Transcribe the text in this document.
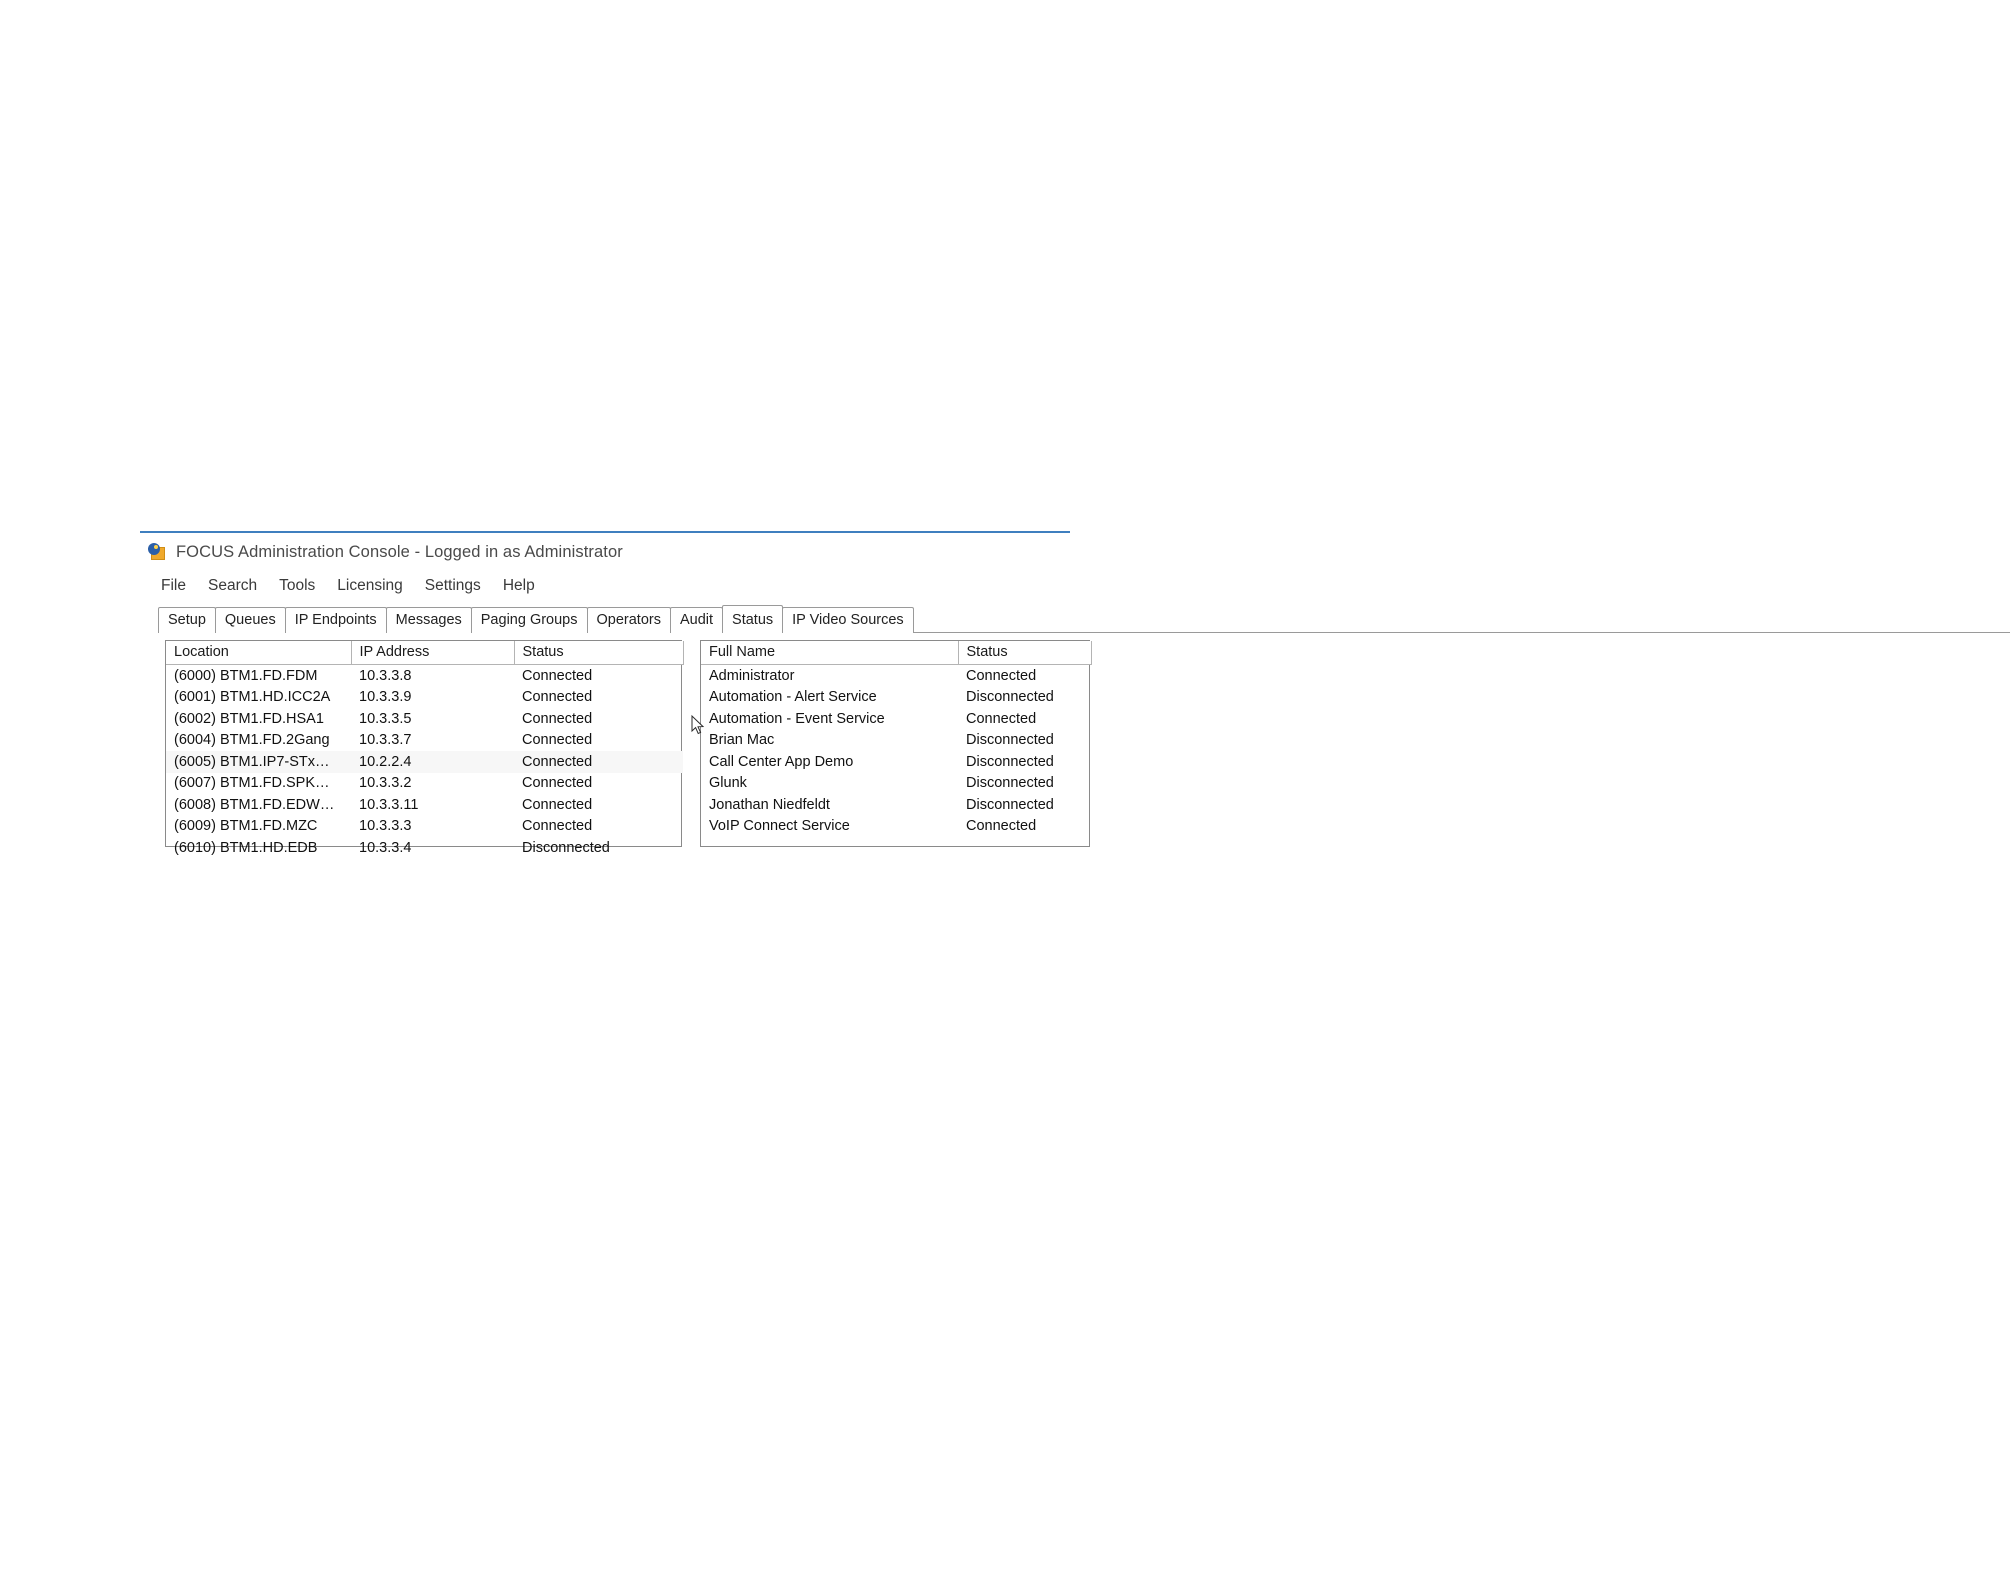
FOCUS Administration Console - Logged in as Administrator
File	Search	Tools	Licensing	Settings	Help
Setup	Queues	IP Endpoints	Messages	Paging Groups	Operators	Audit	Status	IP Video Sources
Location	IP Address	Status
(6000) BTM1.FD.FDM	10.3.3.8	Connected
(6001) BTM1.HD.ICC2A	10.3.3.9	Connected
(6002) BTM1.FD.HSA1	10.3.3.5	Connected
(6004) BTM1.FD.2Gang	10.3.3.7	Connected
(6005) BTM1.IP7-STx…	10.2.2.4	Connected
(6007) BTM1.FD.SPK…	10.3.3.2	Connected
(6008) BTM1.FD.EDW…	10.3.3.11	Connected
(6009) BTM1.FD.MZC	10.3.3.3	Connected
(6010) BTM1.HD.EDB	10.3.3.4	Disconnected
Full Name	Status
Administrator	Connected
Automation - Alert Service	Disconnected
Automation - Event Service	Connected
Brian Mac	Disconnected
Call Center App Demo	Disconnected
Glunk	Disconnected
Jonathan Niedfeldt	Disconnected
VoIP Connect Service	Connected
